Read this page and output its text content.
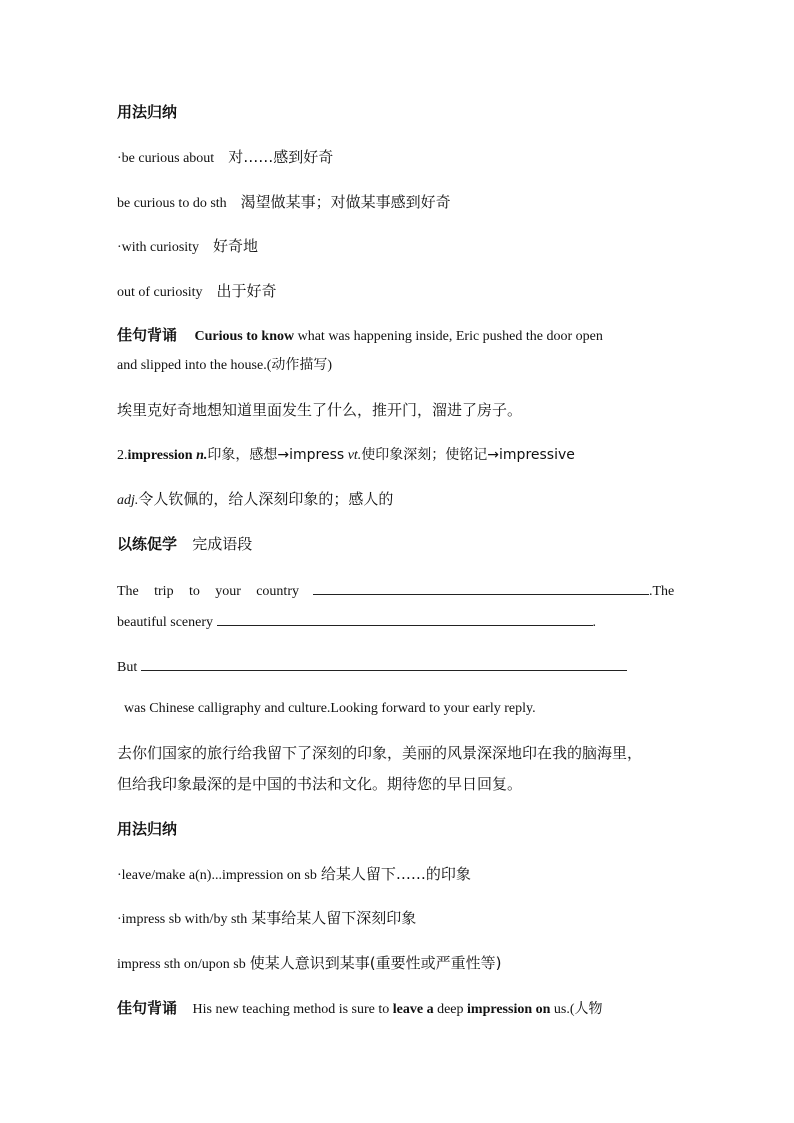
用法归纳
·be curious about 对……感到好奇
be curious to do sth 渴望做某事；对做某事感到好奇
·with curiosity 好奇地
out of curiosity 出于好奇
佳句背诵 Curious to know what was happening inside, Eric pushed the door open
and slipped into the house.(动作描写)
埃里克好奇地想知道里面发生了什么，推开门，溜进了房子。
2.impression n.印象，感想→impress vt.使印象深刻；使铭记→impressive
adj.令人钦佩的，给人深刻印象的；感人的
以练促学 完成语段
The trip to your country	.The
beautiful scenery	.
But
was Chinese calligraphy and culture.Looking forward to your early reply.
去你们国家的旅行给我留下了深刻的印象，美丽的风景深深地印在我的脑海里，
但给我印象最深的是中国的书法和文化。期待您的早日回复。
用法归纳
·leave/make a(n)...impression on sb 给某人留下……的印象
·impress sb with/by sth 某事给某人留下深刻印象
impress sth on/upon sb 使某人意识到某事(重要性或严重性等)
佳句背诵 His new teaching method is sure to leave a deep impression on us.(人物
